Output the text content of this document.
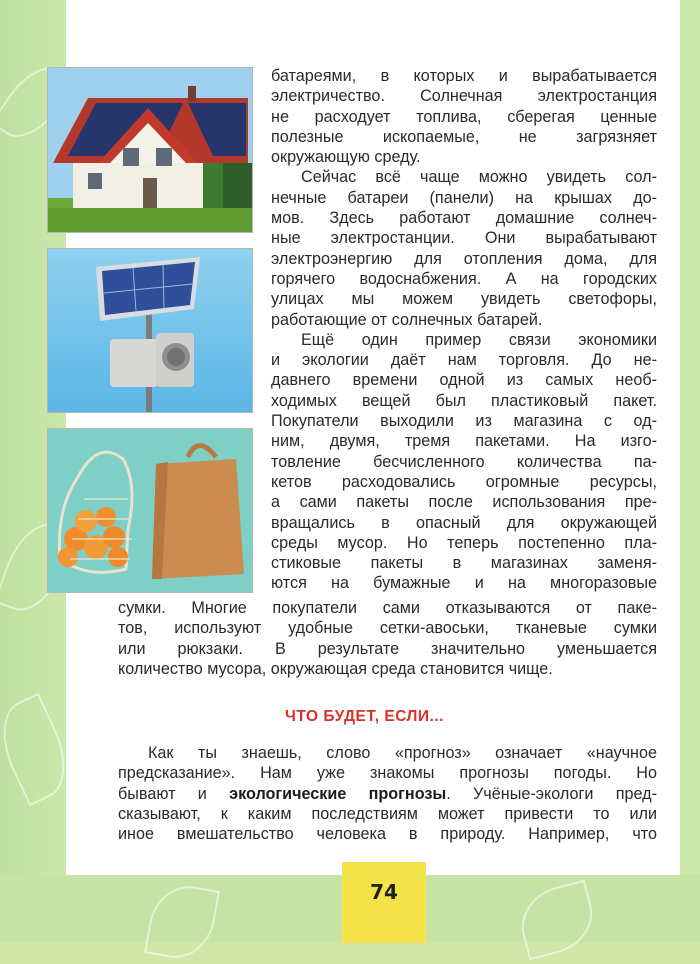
батареями, в которых и вырабатывается
электричество. Солнечная электростанция
не расходует топлива, сберегая ценные
полезные ископаемые, не загрязняет
окружающую среду.
Сейчас всё чаще можно увидеть сол-
нечные батареи (панели) на крышах до-
мов. Здесь работают домашние солнеч-
ные электростанции. Они вырабатывают
электроэнергию для отопления дома, для
горячего водоснабжения. А на городских
улицах мы можем увидеть светофоры,
работающие от солнечных батарей.
Ещё один пример связи экономики
и экологии даёт нам торговля. До не-
давнего времени одной из самых необ-
ходимых вещей был пластиковый пакет.
Покупатели выходили из магазина с од-
ним, двумя, тремя пакетами. На изго-
товление бесчисленного количества па-
кетов расходовались огромные ресурсы,
а сами пакеты после использования пре-
вращались в опасный для окружающей
среды мусор. Но теперь постепенно пла-
стиковые пакеты в магазинах заменя-
ются на бумажные и на многоразовые
сумки. Многие покупатели сами отказываются от паке-
тов, используют удобные сетки-авоськи, тканевые сумки
или рюкзаки. В результате значительно уменьшается
количество мусора, окружающая среда становится чище.
ЧТО БУДЕТ, ЕСЛИ...
Как ты знаешь, слово «прогноз» означает «научное
предсказание». Нам уже знакомы прогнозы погоды. Но
бывают и экологические прогнозы. Учёные-экологи пред-
сказывают, к каким последствиям может привести то или
иное вмешательство человека в природу. Например, что
74
